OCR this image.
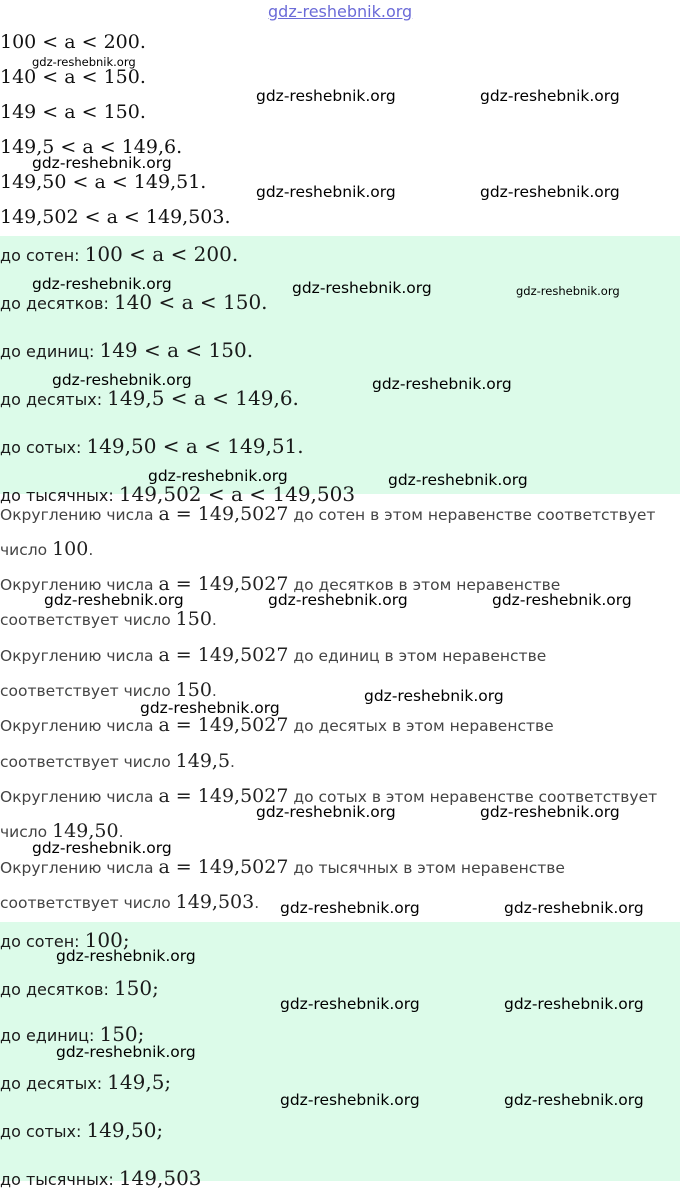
100 < a < 200.
140 < a < 150.
149 < a < 150.
149,5 < a < 149,6.
149,50 < a < 149,51.
149,502 < a < 149,503.
до сотен: 100 < a < 200.
до десятков: 140 < a < 150.
до единиц: 149 < a < 150.
до десятых: 149,5 < a < 149,6.
до сотых: 149,50 < a < 149,51.
до тысячных: 149,502 < a < 149,503
Округлению числа a = 149,5027 до сотен в этом неравенстве соответствует
число 100.
Округлению числа a = 149,5027 до десятков в этом неравенстве
соответствует число 150.
Округлению числа a = 149,5027 до единиц в этом неравенстве
соответствует число 150.
Округлению числа a = 149,5027 до десятых в этом неравенстве
соответствует число 149,5.
Округлению числа a = 149,5027 до сотых в этом неравенстве соответствует
число 149,50.
Округлению числа a = 149,5027 до тысячных в этом неравенстве
соответствует число 149,503.
до сотен: 100;
до десятков: 150;
до единиц: 150;
до десятых: 149,5;
до сотых: 149,50;
до тысячных: 149,503
gdz-reshebnik.org
gdz-reshebnik.org
gdz-reshebnik.org	gdz-reshebnik.org
gdz-reshebnik.org
gdz-reshebnik.org	gdz-reshebnik.org
gdz-reshebnik.org	gdz-reshebnik.org	gdz-reshebnik.org
gdz-reshebnik.org	gdz-reshebnik.org
gdz-reshebnik.org	gdz-reshebnik.org
gdz-reshebnik.org	gdz-reshebnik.org	gdz-reshebnik.org
gdz-reshebnik.org
gdz-reshebnik.org
gdz-reshebnik.org	gdz-reshebnik.org
gdz-reshebnik.org
gdz-reshebnik.org	gdz-reshebnik.org
gdz-reshebnik.org
gdz-reshebnik.org	gdz-reshebnik.org
gdz-reshebnik.org
gdz-reshebnik.org	gdz-reshebnik.org
